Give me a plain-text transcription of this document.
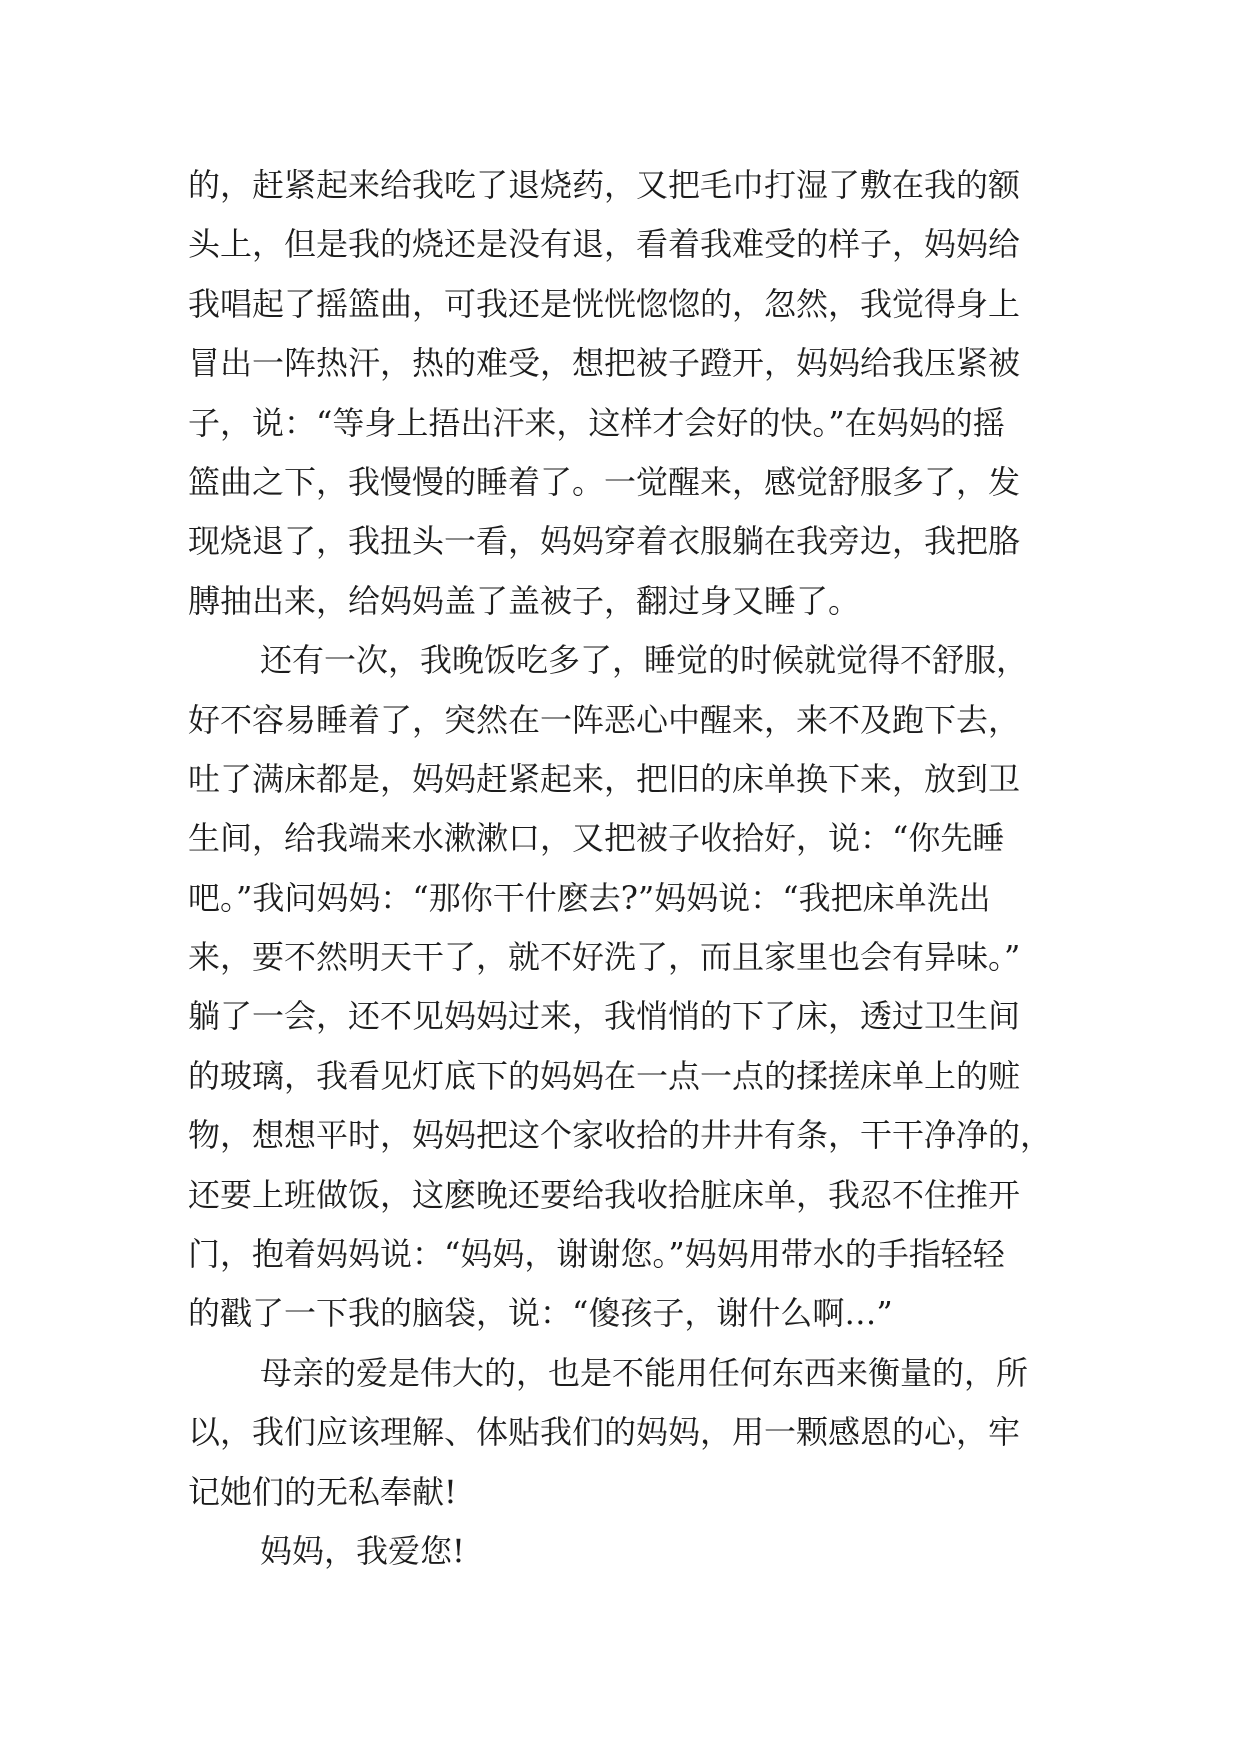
的，赶紧起来给我吃了退烧药，又把毛巾打湿了敷在我的额
头上，但是我的烧还是没有退，看着我难受的样子，妈妈给
我唱起了摇篮曲，可我还是恍恍惚惚的，忽然，我觉得身上
冒出一阵热汗，热的难受，想把被子蹬开，妈妈给我压紧被
子，说：“等身上捂出汗来，这样才会好的快。”在妈妈的摇
篮曲之下，我慢慢的睡着了。一觉醒来，感觉舒服多了，发
现烧退了，我扭头一看，妈妈穿着衣服躺在我旁边，我把胳
膊抽出来，给妈妈盖了盖被子，翻过身又睡了。
还有一次，我晚饭吃多了，睡觉的时候就觉得不舒服，
好不容易睡着了，突然在一阵恶心中醒来，来不及跑下去，
吐了满床都是，妈妈赶紧起来，把旧的床单换下来，放到卫
生间，给我端来水漱漱口，又把被子收拾好，说：“你先睡
吧。”我问妈妈：“那你干什麽去?”妈妈说：“我把床单洗出
来，要不然明天干了，就不好洗了，而且家里也会有异味。”
躺了一会，还不见妈妈过来，我悄悄的下了床，透过卫生间
的玻璃，我看见灯底下的妈妈在一点一点的揉搓床单上的赃
物，想想平时，妈妈把这个家收拾的井井有条，干干净净的，
还要上班做饭，这麽晚还要给我收拾脏床单，我忍不住推开
门，抱着妈妈说：“妈妈，谢谢您。”妈妈用带水的手指轻轻
的戳了一下我的脑袋，说：“傻孩子，谢什么啊…”
母亲的爱是伟大的，也是不能用任何东西来衡量的，所
以，我们应该理解、体贴我们的妈妈，用一颗感恩的心，牢
记她们的无私奉献!
妈妈，我爱您!
